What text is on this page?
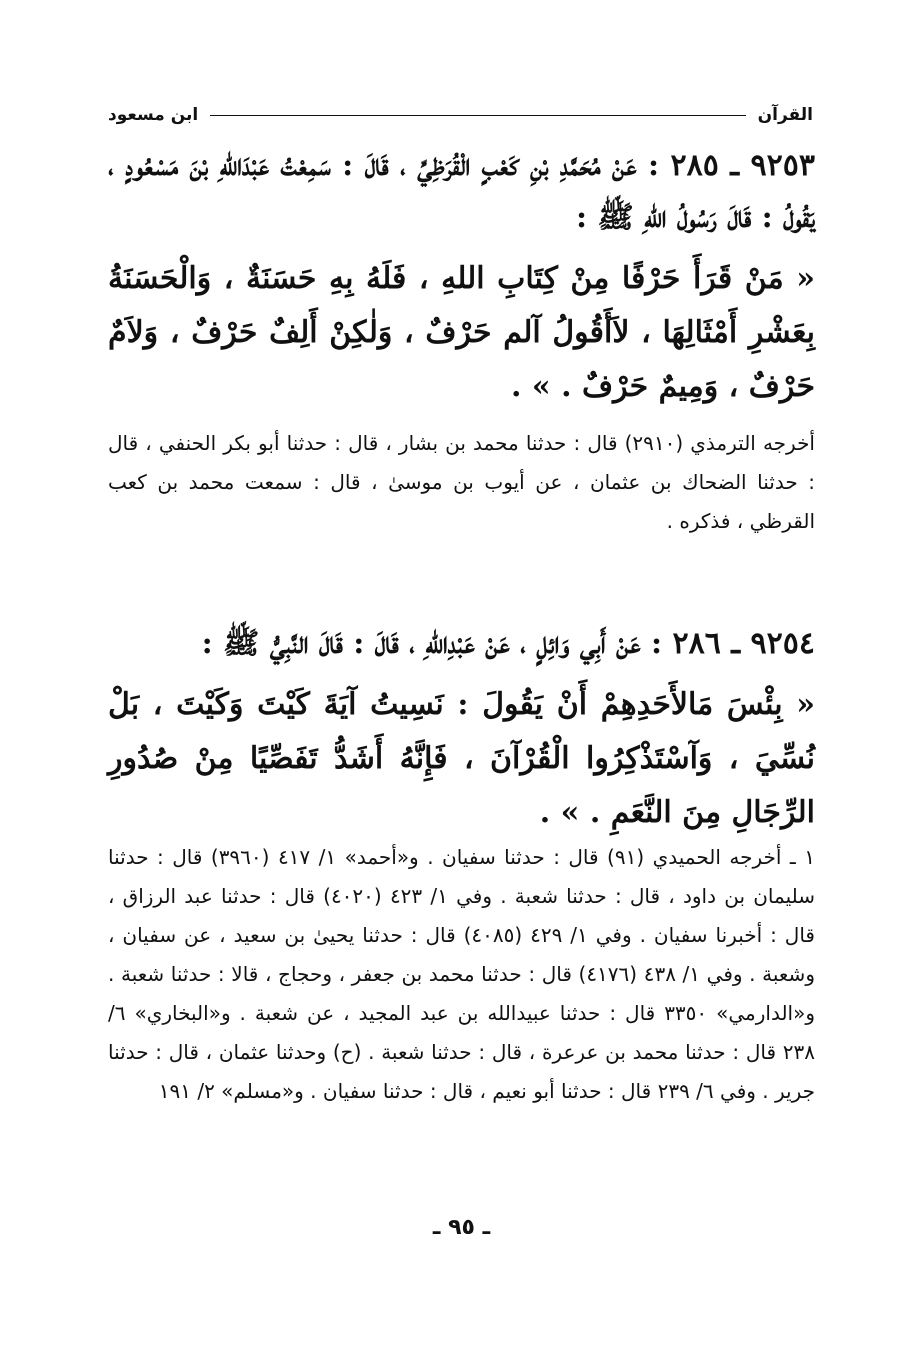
القرآن
ابن مسعود

٩٢٥٣ ـ ٢٨٥ : عَنْ مُحَمَّدِ بْنِ كَعْبٍ الْقُرَظِيِّ ، قَالَ : سَمِعْتُ عَبْدَاللهِ بْنَ مَسْعُودٍ ، يَقُولُ : قَالَ رَسُولُ اللهِ ﷺ :

« مَنْ قَرَأَ حَرْفًا مِنْ كِتَابِ اللهِ ، فَلَهُ بِهِ حَسَنَةٌ ، وَالْحَسَنَةُ بِعَشْرِ أَمْثَالِهَا ، لاَأَقُولُ آلم حَرْفٌ ، وَلٰكِنْ أَلِفٌ حَرْفٌ ، وَلاَمٌ حَرْفٌ ، وَمِيمٌ حَرْفٌ . » .

أخرجه الترمذي (٢٩١٠) قال : حدثنا محمد بن بشار ، قال : حدثنا أبو بكر الحنفي ، قال : حدثنا الضحاك بن عثمان ، عن أيوب بن موسىٰ ، قال : سمعت محمد بن كعب القرظي ، فذكره .

٩٢٥٤ ـ ٢٨٦ : عَنْ أَبِي وَائِلٍ ، عَنْ عَبْدِاللهِ ، قَالَ : قَالَ النَّبِيُّ ﷺ :

« بِئْسَ مَالأَحَدِهِمْ أَنْ يَقُولَ : نَسِيتُ آيَةَ كَيْتَ وَكَيْتَ ، بَلْ نُسِّيَ ، وَآسْتَذْكِرُوا الْقُرْآنَ ، فَإِنَّهُ أَشَدُّ تَفَصِّيًا مِنْ صُدُورِ الرِّجَالِ مِنَ النَّعَمِ . » .

١ ـ أخرجه الحميدي (٩١) قال : حدثنا سفيان . و«أحمد» ١/ ٤١٧ (٣٩٦٠) قال : حدثنا سليمان بن داود ، قال : حدثنا شعبة . وفي ١/ ٤٢٣ (٤٠٢٠) قال : حدثنا عبد الرزاق ، قال : أخبرنا سفيان . وفي ١/ ٤٢٩ (٤٠٨٥) قال : حدثنا يحيىٰ بن سعيد ، عن سفيان ، وشعبة . وفي ١/ ٤٣٨ (٤١٧٦) قال : حدثنا محمد بن جعفر ، وحجاج ، قالا : حدثنا شعبة . و«الدارمي» ٣٣٥٠ قال : حدثنا عبيدالله بن عبد المجيد ، عن شعبة . و«البخاري» ٦/ ٢٣٨ قال : حدثنا محمد بن عرعرة ، قال : حدثنا شعبة . (ح) وحدثنا عثمان ، قال : حدثنا جرير . وفي ٦/ ٢٣٩ قال : حدثنا أبو نعيم ، قال : حدثنا سفيان . و«مسلم» ٢/ ١٩١

ـ ٩٥ ـ
